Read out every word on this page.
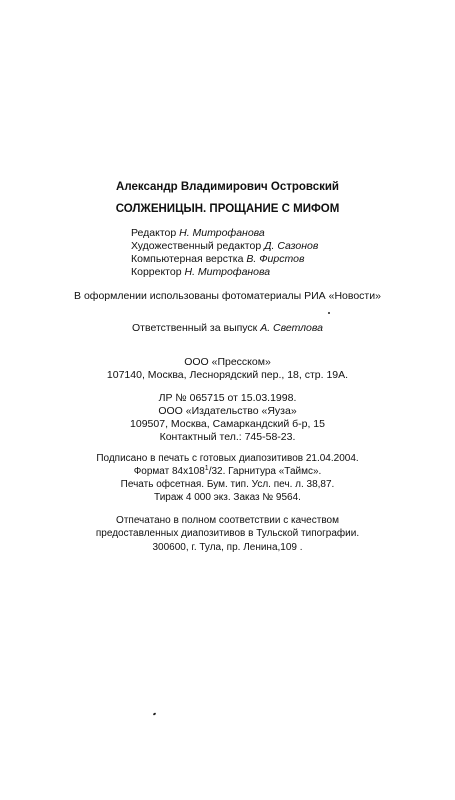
Александр Владимирович Островский
СОЛЖЕНИЦЫН. ПРОЩАНИЕ С МИФОМ
Редактор Н. Митрофанова
Художественный редактор Д. Сазонов
Компьютерная верстка В. Фирстов
Корректор Н. Митрофанова
В оформлении использованы фотоматериалы РИА «Новости»
Ответственный за выпуск А. Светлова
ООО «Пресском»
107140, Москва, Леснорядский пер., 18, стр. 19А.
ЛР № 065715 от 15.03.1998.
ООО «Издательство «Яуза»
109507, Москва, Самаркандский б-р, 15
Контактный тел.: 745-58-23.
Подписано в печать с готовых диапозитивов 21.04.2004.
Формат $84х108^1/32$. Гарнитура «Таймс».
Печать офсетная. Бум. тип. Усл. печ. л. 38,87.
Тираж 4 000 экз. Заказ № 9564.
Отпечатано в полном соответствии с качеством
предоставленных диапозитивов в Тульской типографии.
300600, г. Тула, пр. Ленина,109 .
